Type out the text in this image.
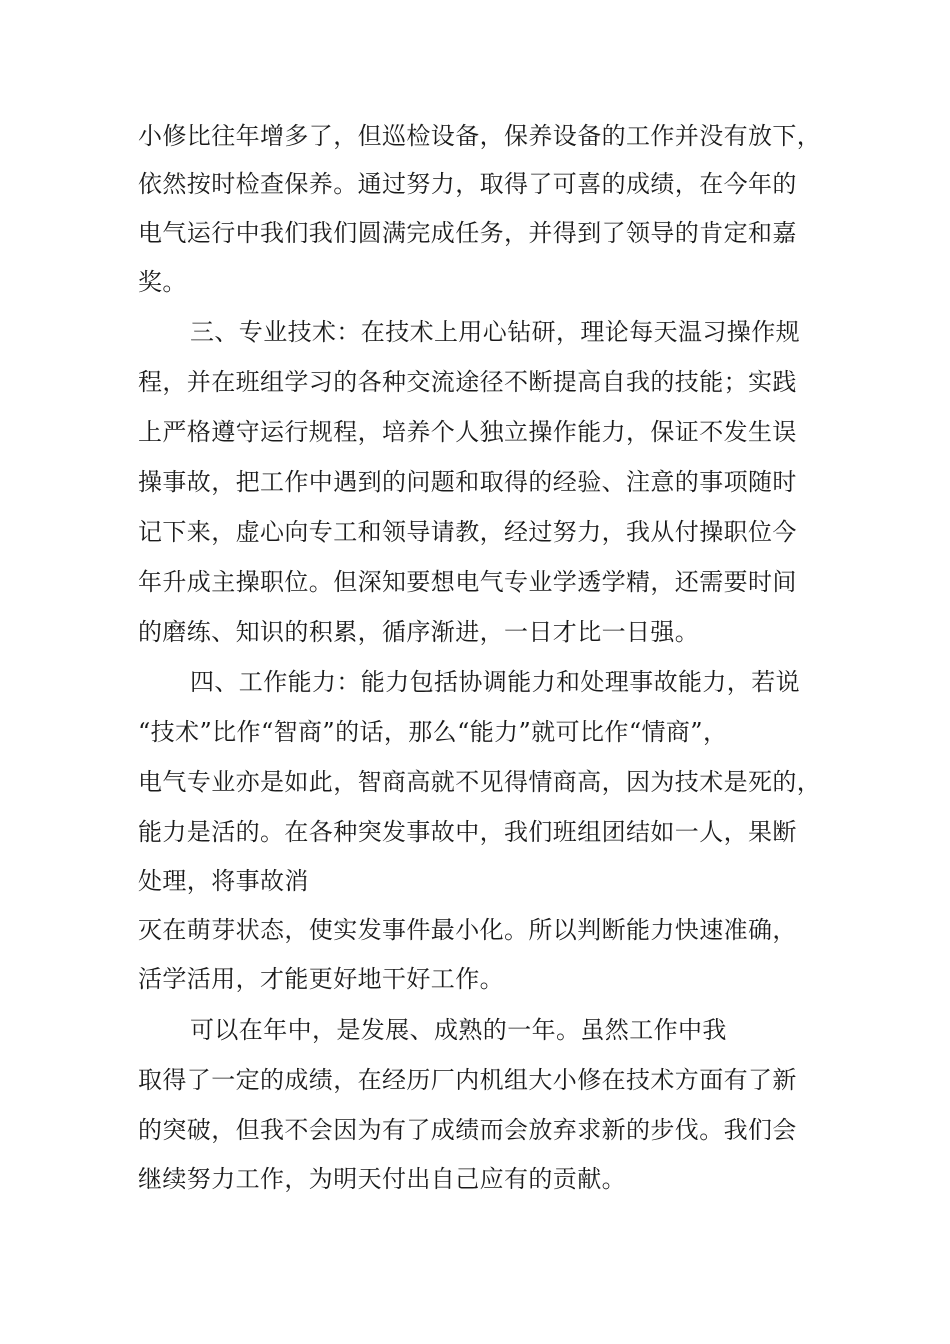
小修比往年增多了，但巡检设备，保养设备的工作并没有放下，
依然按时检查保养。通过努力，取得了可喜的成绩，在今年的
电气运行中我们我们圆满完成任务，并得到了领导的肯定和嘉
奖。
三、专业技术：在技术上用心钻研，理论每天温习操作规
程，并在班组学习的各种交流途径不断提高自我的技能；实践
上严格遵守运行规程，培养个人独立操作能力，保证不发生误
操事故，把工作中遇到的问题和取得的经验、注意的事项随时
记下来，虚心向专工和领导请教，经过努力，我从付操职位今
年升成主操职位。但深知要想电气专业学透学精，还需要时间
的磨练、知识的积累，循序渐进，一日才比一日强。
四、工作能力：能力包括协调能力和处理事故能力，若说
“技术”比作“智商”的话，那么“能力”就可比作“情商”，
电气专业亦是如此，智商高就不见得情商高，因为技术是死的，
能力是活的。在各种突发事故中，我们班组团结如一人，果断
处理，将事故消
灭在萌芽状态，使实发事件最小化。所以判断能力快速准确，
活学活用，才能更好地干好工作。
可以在年中，是发展、成熟的一年。虽然工作中我
取得了一定的成绩，在经历厂内机组大小修在技术方面有了新
的突破，但我不会因为有了成绩而会放弃求新的步伐。我们会
继续努力工作，为明天付出自己应有的贡献。
